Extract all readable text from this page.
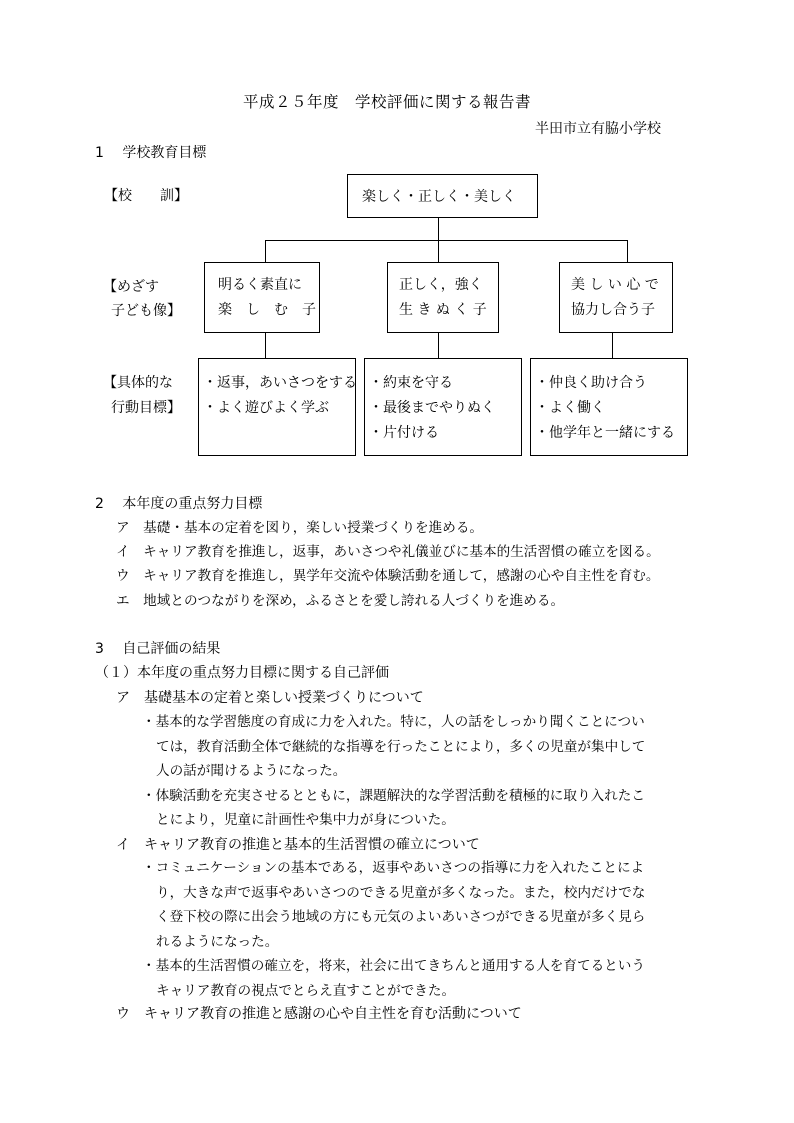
平成２５年度　学校評価に関する報告書
半田市立有脇小学校
1　 学校教育目標
【校　　訓】	楽しく・正しく・美しく
【めざす
子ども像】
明るく素直に
楽　し　む　子
正しく，強く
生 き ぬ く 子
美 し い 心 で
協力し合う子
【具体的な
行動目標】
・返事，あいさつをする
・よく遊びよく学ぶ
・約束を守る
・最後までやりぬく
・片付ける
・仲良く助け合う
・よく働く
・他学年と一緒にする
2　 本年度の重点努力目標
ア　基礎・基本の定着を図り，楽しい授業づくりを進める。
イ　キャリア教育を推進し，返事，あいさつや礼儀並びに基本的生活習慣の確立を図る。
ウ　キャリア教育を推進し，異学年交流や体験活動を通して，感謝の心や自主性を育む。
エ　地域とのつながりを深め，ふるさとを愛し誇れる人づくりを進める。
3　 自己評価の結果
（１）本年度の重点努力目標に関する自己評価
ア　基礎基本の定着と楽しい授業づくりについて
・基本的な学習態度の育成に力を入れた。特に，人の話をしっかり聞くことについ
ては，教育活動全体で継続的な指導を行ったことにより，多くの児童が集中して
人の話が聞けるようになった。
・体験活動を充実させるとともに，課題解決的な学習活動を積極的に取り入れたこ
とにより，児童に計画性や集中力が身についた。
イ　キャリア教育の推進と基本的生活習慣の確立について
・コミュニケーションの基本である，返事やあいさつの指導に力を入れたことによ
り，大きな声で返事やあいさつのできる児童が多くなった。また，校内だけでな
く登下校の際に出会う地域の方にも元気のよいあいさつができる児童が多く見ら
れるようになった。
・基本的生活習慣の確立を，将来，社会に出てきちんと通用する人を育てるという
キャリア教育の視点でとらえ直すことができた。
ウ　キャリア教育の推進と感謝の心や自主性を育む活動について
